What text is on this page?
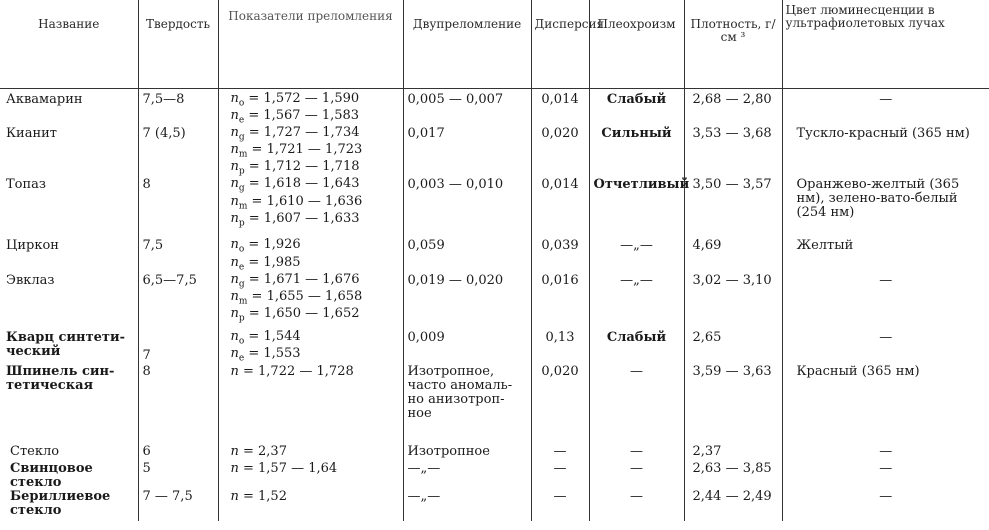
Название	Твердость	Показатели преломления	Двупреломление	Дисперсия	Плеохроизм	Плотность, г/см ³	Цвет люминесценции в ультрафиолетовых лучах

Аквамарин	7,5—8	$n_o = 1,572$ — 1,590
$n_e = 1,567$ — 1,583	0,005 — 0,007	0,014	Слабый	2,68 — 2,80	—

Кианит	7 (4,5)	$n_g = 1,727$ — 1,734
$n_m = 1,721$ — 1,723
$n_p = 1,712$ — 1,718	0,017	0,020	Сильный	3,53 — 3,68	Тускло-красный (365 нм)

Топаз	8	$n_g = 1,618$ — 1,643
$n_m = 1,610$ — 1,636
$n_p = 1,607$ — 1,633	0,003 — 0,010	0,014	Отчетливый	3,50 — 3,57	Оранжево-желтый (365 нм), зелено-вато-белый (254 нм)

Циркон	7,5	$n_o = 1,926$
$n_e = 1,985$	0,059	0,039	—„—	4,69	Желтый

Эвклаз	6,5—7,5	$n_g = 1,671$ — 1,676
$n_m = 1,655$ — 1,658
$n_p = 1,650$ — 1,652	0,019 — 0,020	0,016	—„—	3,02 — 3,10	—

Кварц синтети-
ческий	7	$n_o = 1,544$
$n_e = 1,553$	0,009	0,13	Слабый	2,65	—

Шпинель син-
тетическая	8	n = 1,722 — 1,728	Изотропное,
часто аномаль-
но анизотроп-
ное	0,020	—	3,59 — 3,63	Красный (365 нм)

Стекло	6	n = 2,37	Изотропное	—	—	2,37	—

Свинцовое
стекло	5	n = 1,57 — 1,64	—„—	—	—	2,63 — 3,85	—

Бериллиевое
стекло	7 — 7,5	n = 1,52	—„—	—	—	2,44 — 2,49	—
